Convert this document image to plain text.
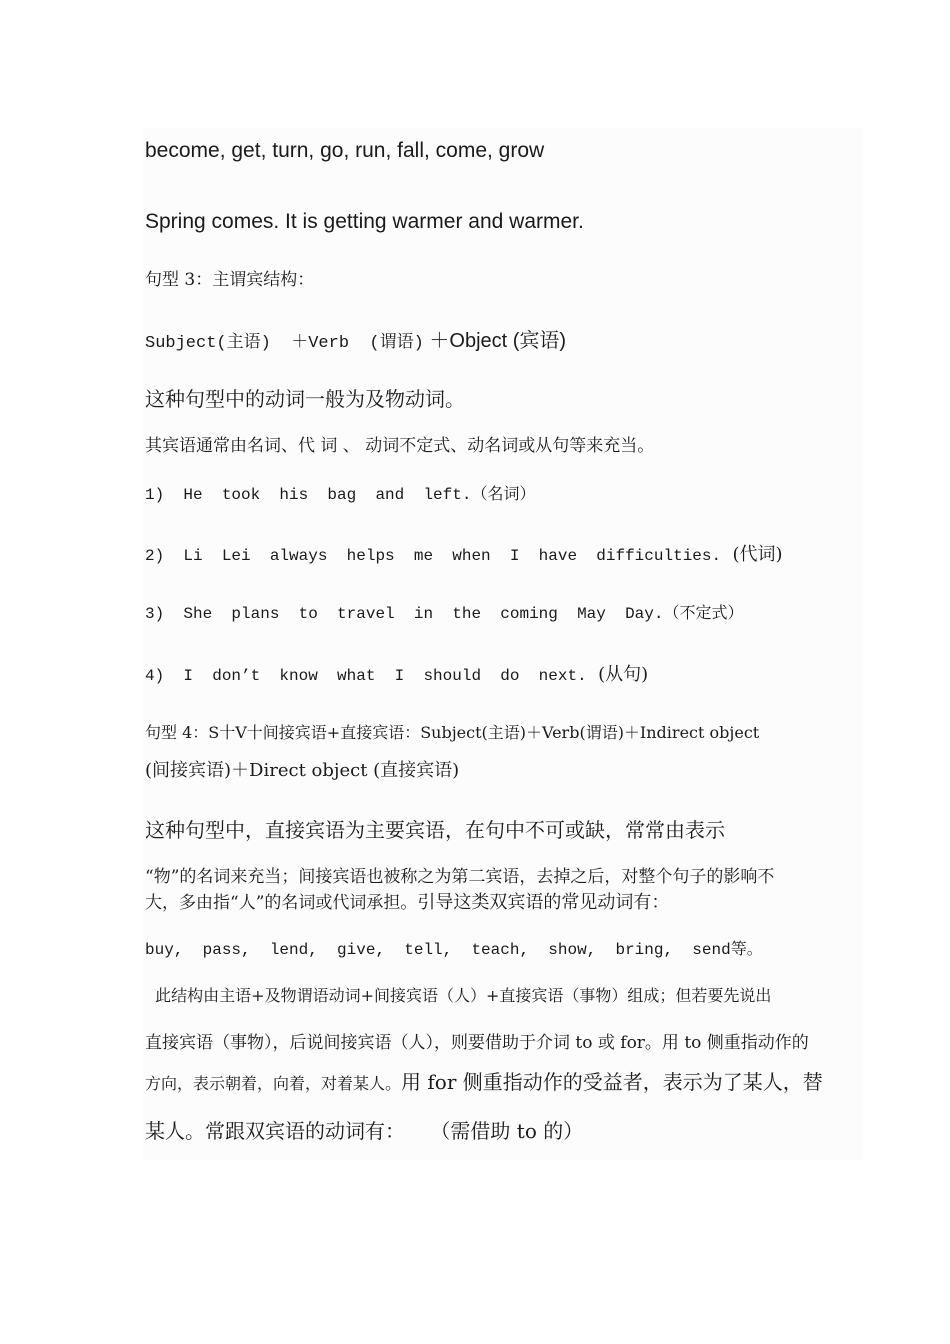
become, get, turn, go, run, fall, come, grow
Spring comes. It is getting warmer and warmer.
句型 3：主谓宾结构：
Subject(主语)  ＋Verb  (谓语) ＋Object (宾语)
这种句型中的动词一般为及物动词。
其宾语通常由名词、代 词 、 动词不定式、动名词或从句等来充当。
1)  He  took  his  bag  and  left.（名词）
2)  Li  Lei  always  helps  me  when  I  have  difficulties.  (代词)
3)  She  plans  to  travel  in  the  coming  May  Day.（不定式）
4)  I  don’t  know  what  I  should  do  next.  (从句)
句型 4：S十V十间接宾语+直接宾语：Subject(主语)＋Verb(谓语)＋Indirect object
(间接宾语)＋Direct object (直接宾语)
这种句型中，直接宾语为主要宾语，在句中不可或缺，常常由表示
“物”的名词来充当；间接宾语也被称之为第二宾语，去掉之后，对整个句子的影响不
大，多由指“人”的名词或代词承担。引导这类双宾语的常见动词有：
buy,  pass,  lend,  give,  tell,  teach,  show,  bring,  send等。
此结构由主语+及物谓语动词+间接宾语（人）+直接宾语（事物）组成；但若要先说出
直接宾语（事物），后说间接宾语（人），则要借助于介词 to 或 for。用 to 侧重指动作的
方向，表示朝着，向着，对着某人。用 for 侧重指动作的受益者，表示为了某人，替
某人。常跟双宾语的动词有：    （需借助 to 的）
